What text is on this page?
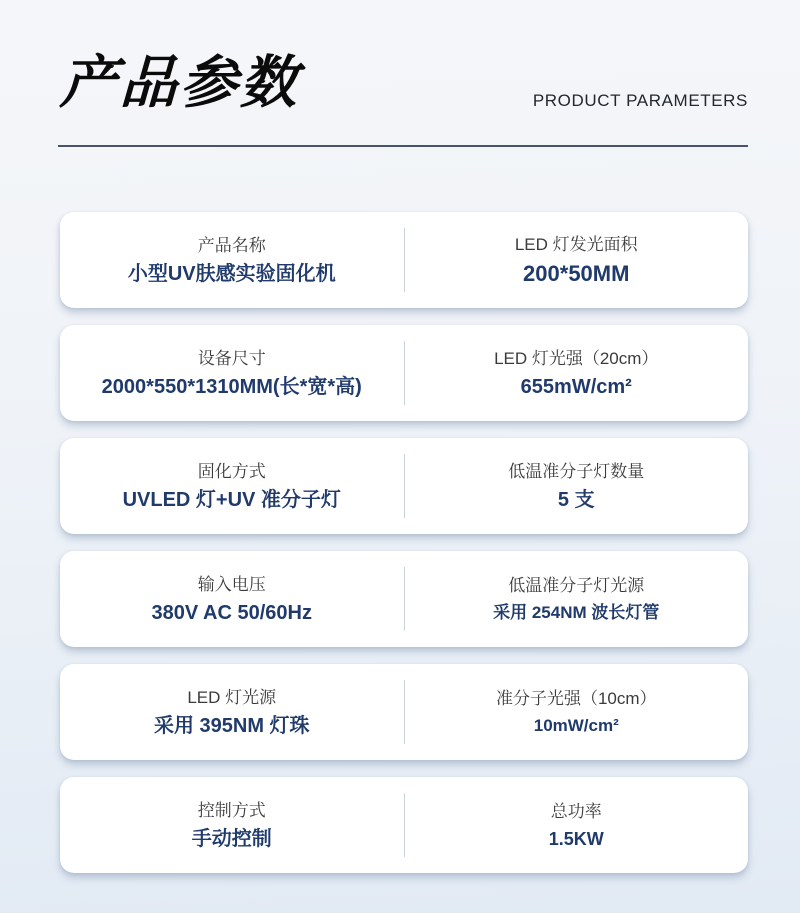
产品参数	PRODUCT PARAMETERS
产品名称
小型UV肤感实验固化机
LED 灯发光面积
200*50MM
设备尺寸
2000*550*1310MM(长*宽*高)
LED 灯光强（20cm）
655mW/cm²
固化方式
UVLED 灯+UV 准分子灯
低温准分子灯数量
5 支
输入电压
380V AC 50/60Hz
低温准分子灯光源
采用 254NM 波长灯管
LED 灯光源
采用 395NM 灯珠
准分子光强（10cm）
10mW/cm²
控制方式
手动控制
总功率
1.5KW
